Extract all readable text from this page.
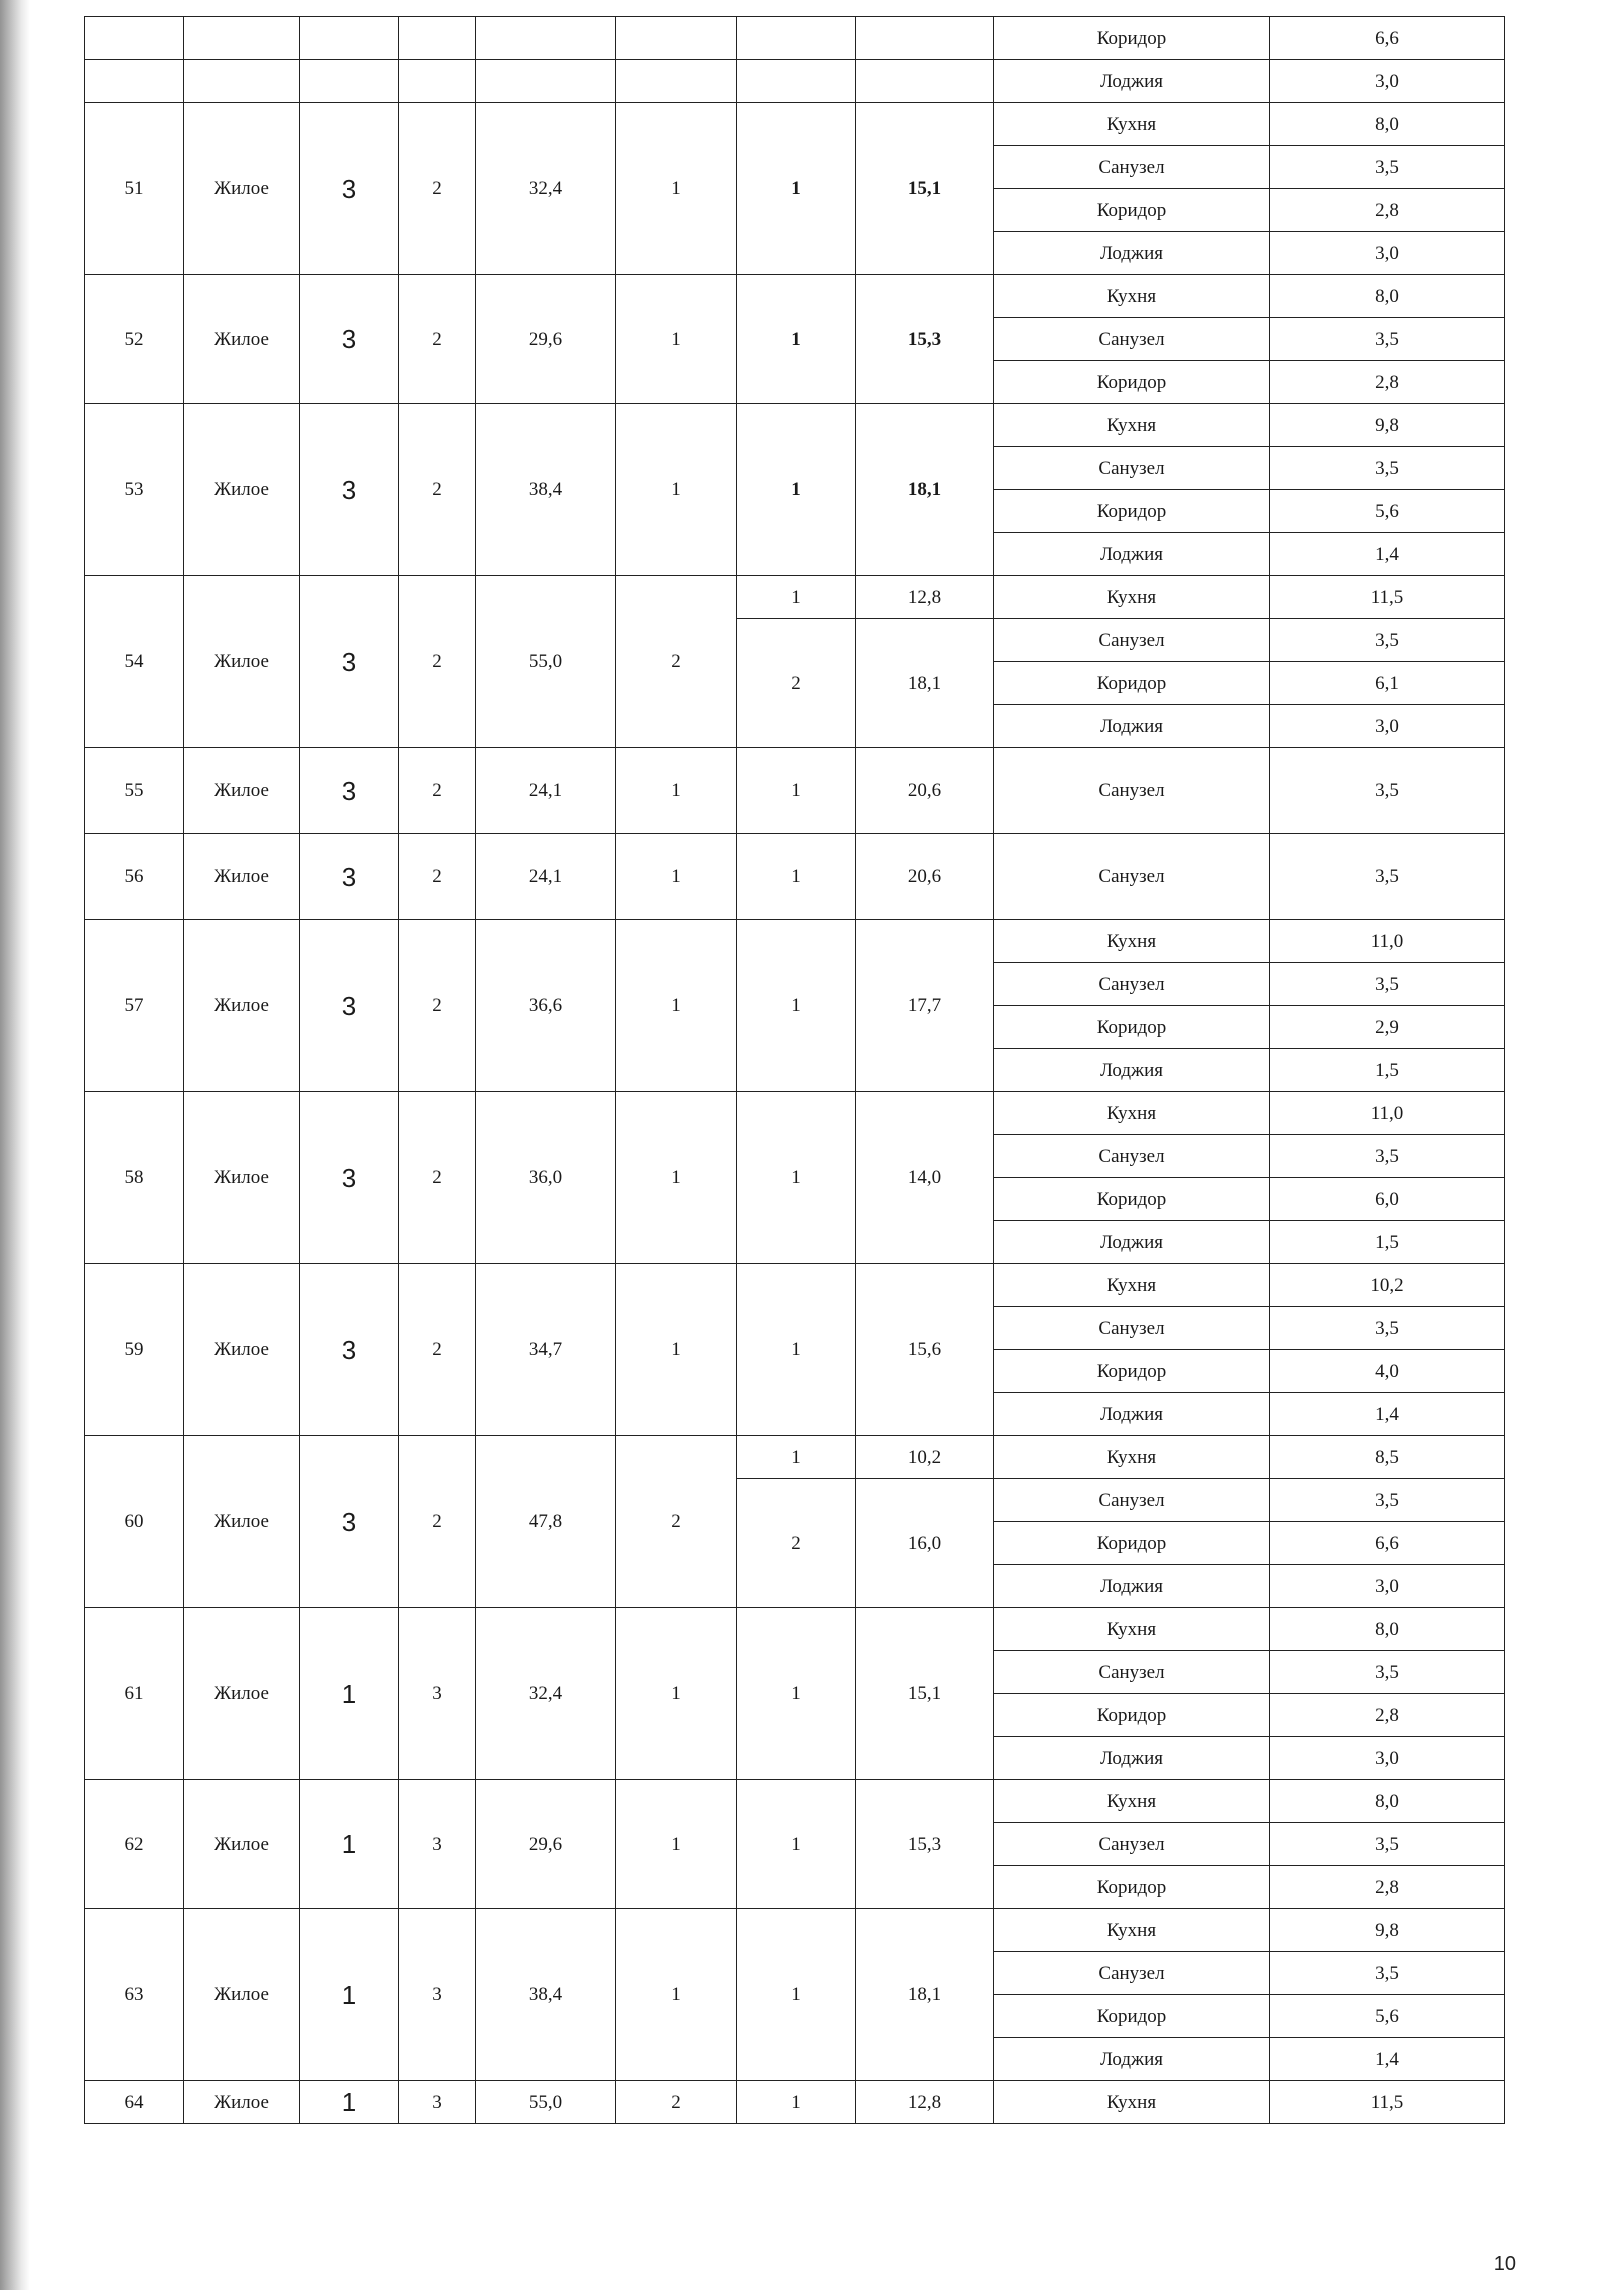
								Коридор	6,6
								Лоджия	3,0
51	Жилое	3	2	32,4	1	1	15,1	Кухня	8,0
								Санузел	3,5
								Коридор	2,8
								Лоджия	3,0
52	Жилое	3	2	29,6	1	1	15,3	Кухня	8,0
								Санузел	3,5
								Коридор	2,8
53	Жилое	3	2	38,4	1	1	18,1	Кухня	9,8
								Санузел	3,5
								Коридор	5,6
								Лоджия	1,4
54	Жилое	3	2	55,0	2	1	12,8	Кухня	11,5
						2	18,1	Санузел	3,5
								Коридор	6,1
								Лоджия	3,0
55	Жилое	3	2	24,1	1	1	20,6	Санузел	3,5
56	Жилое	3	2	24,1	1	1	20,6	Санузел	3,5
57	Жилое	3	2	36,6	1	1	17,7	Кухня	11,0
								Санузел	3,5
								Коридор	2,9
								Лоджия	1,5
58	Жилое	3	2	36,0	1	1	14,0	Кухня	11,0
								Санузел	3,5
								Коридор	6,0
								Лоджия	1,5
59	Жилое	3	2	34,7	1	1	15,6	Кухня	10,2
								Санузел	3,5
								Коридор	4,0
								Лоджия	1,4
60	Жилое	3	2	47,8	2	1	10,2	Кухня	8,5
						2	16,0	Санузел	3,5
								Коридор	6,6
								Лоджия	3,0
61	Жилое	1	3	32,4	1	1	15,1	Кухня	8,0
								Санузел	3,5
								Коридор	2,8
								Лоджия	3,0
62	Жилое	1	3	29,6	1	1	15,3	Кухня	8,0
								Санузел	3,5
								Коридор	2,8
63	Жилое	1	3	38,4	1	1	18,1	Кухня	9,8
								Санузел	3,5
								Коридор	5,6
								Лоджия	1,4
64	Жилое	1	3	55,0	2	1	12,8	Кухня	11,5
10
